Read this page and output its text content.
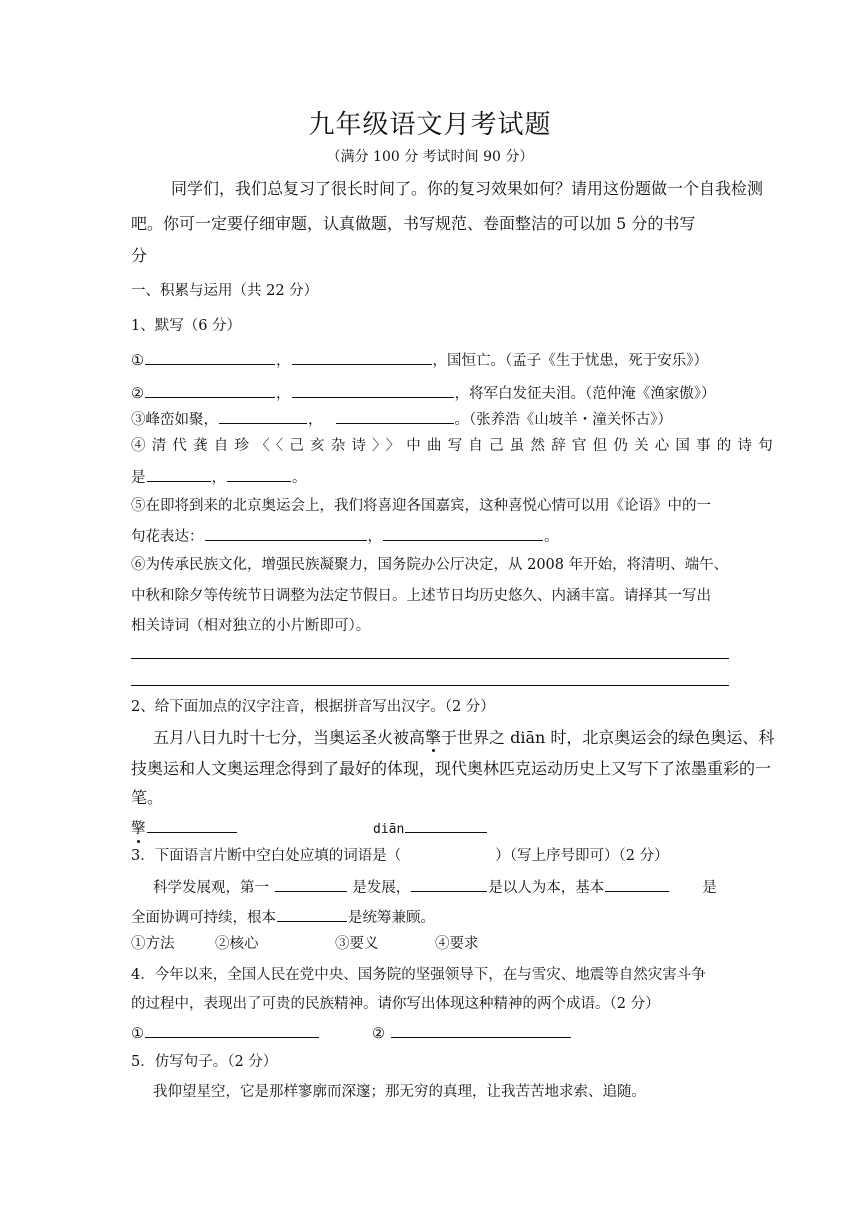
九年级语文月考试题
（满分 100 分 考试时间 90 分）
同学们，我们总复习了很长时间了。你的复习效果如何？请用这份题做一个自我检测
吧。你可一定要仔细审题，认真做题，书写规范、卷面整洁的可以加 5 分的书写
分
一、积累与运用（共 22 分）
1、默写（6 分）
①	，	，国恒亡。（孟子《生于忧患，死于安乐》）
②	，	，将军白发征夫泪。（范仲淹《渔家傲》）
③峰峦如聚，	，	。（张养浩《山坡羊・潼关怀古》）
④清代龚自珍〈〈己亥杂诗〉〉中曲写自己虽然辞官但仍关心国事的诗句
是	，	。
⑤在即将到来的北京奥运会上，我们将喜迎各国嘉宾，这种喜悦心情可以用《论语》中的一
句花表达：	，	。
⑥为传承民族文化，增强民族凝聚力，国务院办公厅决定，从 2008 年开始，将清明、端午、
中秋和除夕等传统节日调整为法定节假日。上述节日均历史悠久、内涵丰富。请择其一写出
相关诗词（相对独立的小片断即可）。
2、给下面加点的汉字注音，根据拼音写出汉字。（2 分）
五月八日九时十七分，当奥运圣火被高擎于世界之 diān 时，北京奥运会的绿色奥运、科
技奥运和人文奥运理念得到了最好的体现，现代奥林匹克运动历史上又写下了浓墨重彩的一
笔。
擎	diān
3．下面语言片断中空白处应填的词语是（	）（写上序号即可）（2 分）
科学发展观，第一	是发展，	是以人为本，基本	是
全面协调可持续，根本	是统筹兼顾。
①方法	②核心	③要义	④要求
4．今年以来，全国人民在党中央、国务院的坚强领导下，在与雪灾、地震等自然灾害斗争
的过程中，表现出了可贵的民族精神。请你写出体现这种精神的两个成语。（2 分）
①	②
5．仿写句子。（2 分）
我仰望星空，它是那样寥廓而深邃；那无穷的真理，让我苦苦地求索、追随。
